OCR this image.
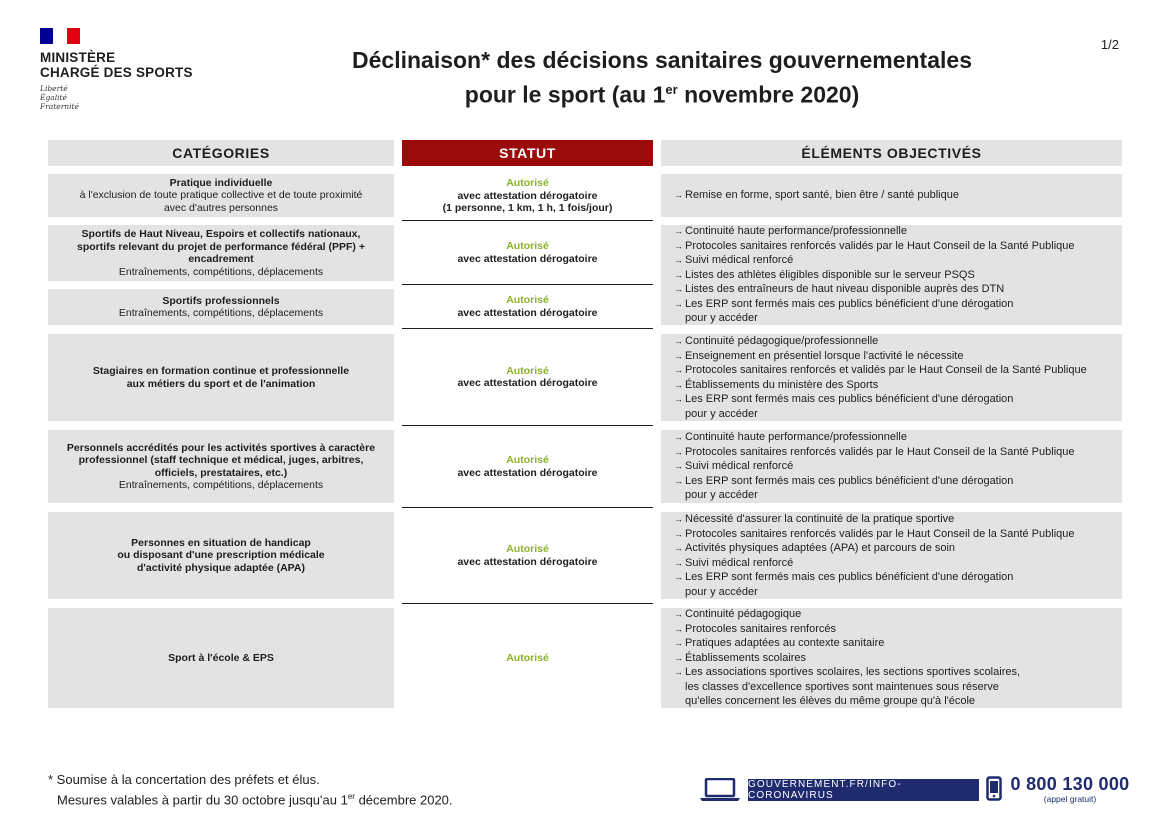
MINISTÈRE
CHARGÉ DES SPORTS
Liberté
Égalité
Fraternité
Déclinaison* des décisions sanitaires gouvernementales
pour le sport (au 1er novembre 2020)
1/2
CATÉGORIES	STATUT	ÉLÉMENTS OBJECTIVÉS
Pratique individuelle
à l'exclusion de toute pratique collective et de toute proximité
avec d'autres personnes
Sportifs de Haut Niveau, Espoirs et collectifs nationaux,
sportifs relevant du projet de performance fédéral (PPF) +
encadrement
Entraînements, compétitions, déplacements
Sportifs professionnels
Entraînements, compétitions, déplacements
Stagiaires en formation continue et professionnelle
aux métiers du sport et de l'animation
Personnels accrédités pour les activités sportives à caractère
professionnel (staff technique et médical, juges, arbitres,
officiels, prestataires, etc.)
Entraînements, compétitions, déplacements
Personnes en situation de handicap
ou disposant d'une prescription médicale
d'activité physique adaptée (APA)
Sport à l'école & EPS
Autorisé
avec attestation dérogatoire
(1 personne, 1 km, 1 h, 1 fois/jour)
Autorisé
avec attestation dérogatoire
Autorisé
avec attestation dérogatoire
Autorisé
avec attestation dérogatoire
Autorisé
avec attestation dérogatoire
Autorisé
avec attestation dérogatoire
Autorisé
→ Remise en forme, sport santé, bien être / santé publique
→ Continuité haute performance/professionnelle
→ Protocoles sanitaires renforcés validés par le Haut Conseil de la Santé Publique
→ Suivi médical renforcé
→ Listes des athlètes éligibles disponible sur le serveur PSQS
→ Listes des entraîneurs de haut niveau disponible auprès des DTN
→ Les ERP sont fermés mais ces publics bénéficient d'une dérogation
pour y accéder
→ Continuité pédagogique/professionnelle
→ Enseignement en présentiel lorsque l'activité le nécessite
→ Protocoles sanitaires renforcés et validés par le Haut Conseil de la Santé Publique
→ Établissements du ministère des Sports
→ Les ERP sont fermés mais ces publics bénéficient d'une dérogation
pour y accéder
→ Continuité haute performance/professionnelle
→ Protocoles sanitaires renforcés validés par le Haut Conseil de la Santé Publique
→ Suivi médical renforcé
→ Les ERP sont fermés mais ces publics bénéficient d'une dérogation
pour y accéder
→ Nécessité d'assurer la continuité de la pratique sportive
→ Protocoles sanitaires renforcés validés par le Haut Conseil de la Santé Publique
→ Activités physiques adaptées (APA) et parcours de soin
→ Suivi médical renforcé
→ Les ERP sont fermés mais ces publics bénéficient d'une dérogation
pour y accéder
→ Continuité pédagogique
→ Protocoles sanitaires renforcés
→ Pratiques adaptées au contexte sanitaire
→ Établissements scolaires
→ Les associations sportives scolaires, les sections sportives scolaires,
les classes d'excellence sportives sont maintenues sous réserve
qu'elles concernent les élèves du même groupe qu'à l'école
* Soumise à la concertation des préfets et élus.
Mesures valables à partir du 30 octobre jusqu'au 1er décembre 2020.
GOUVERNEMENT.FR/INFO-CORONAVIRUS
0 800 130 000
(appel gratuit)
